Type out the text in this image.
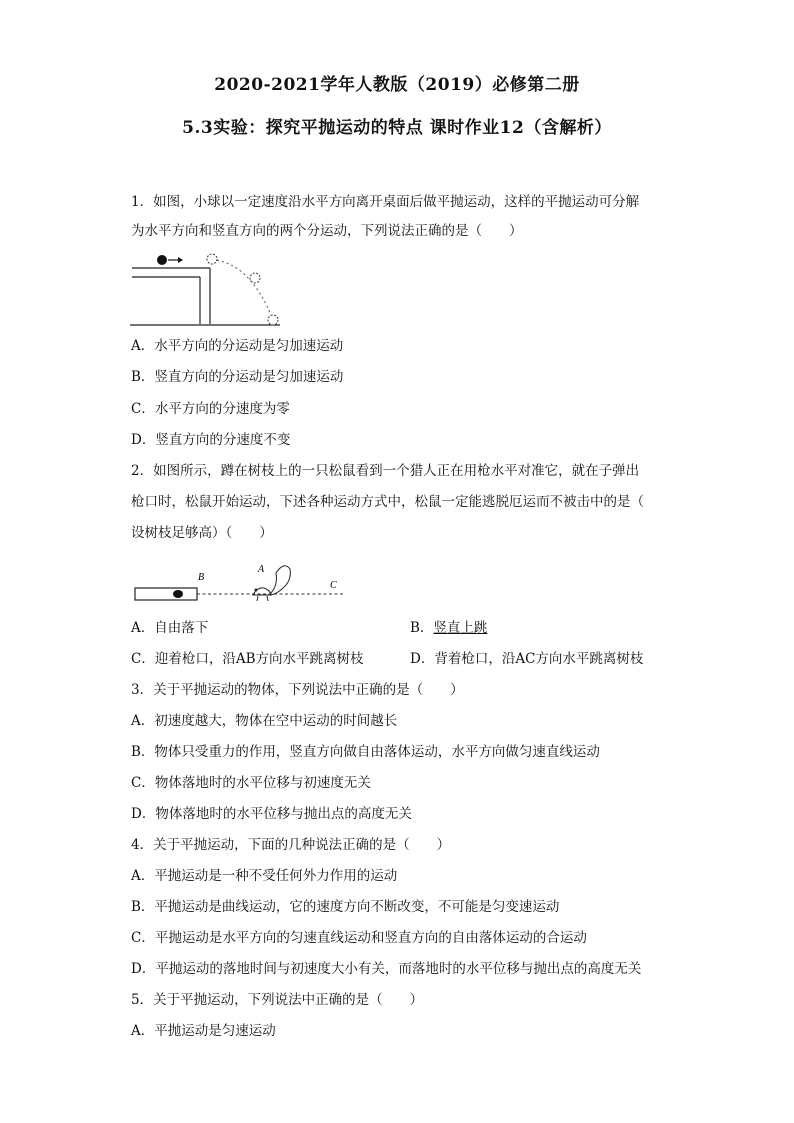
2020-2021学年人教版（2019）必修第二册
5.3实验：探究平抛运动的特点 课时作业12（含解析）
1．如图，小球以一定速度沿水平方向离开桌面后做平抛运动，这样的平抛运动可分解
为水平方向和竖直方向的两个分运动，下列说法正确的是（　　）
A．水平方向的分运动是匀加速运动
B．竖直方向的分运动是匀加速运动
C．水平方向的分速度为零
D．竖直方向的分速度不变
2．如图所示，蹲在树枝上的一只松鼠看到一个猎人正在用枪水平对准它，就在子弹出
枪口时，松鼠开始运动，下述各种运动方式中，松鼠一定能逃脱厄运而不被击中的是（
设树枝足够高）（　　）
B
A
C
A．自由落下	B．竖直上跳
C．迎着枪口，沿AB方向水平跳离树枝	D．背着枪口，沿AC方向水平跳离树枝
3．关于平抛运动的物体，下列说法中正确的是（　　）
A．初速度越大，物体在空中运动的时间越长
B．物体只受重力的作用，竖直方向做自由落体运动，水平方向做匀速直线运动
C．物体落地时的水平位移与初速度无关
D．物体落地时的水平位移与抛出点的高度无关
4．关于平抛运动，下面的几种说法正确的是（　　）
A．平抛运动是一种不受任何外力作用的运动
B．平抛运动是曲线运动，它的速度方向不断改变，不可能是匀变速运动
C．平抛运动是水平方向的匀速直线运动和竖直方向的自由落体运动的合运动
D．平抛运动的落地时间与初速度大小有关，而落地时的水平位移与抛出点的高度无关
5．关于平抛运动，下列说法中正确的是（　　）
A．平抛运动是匀速运动
